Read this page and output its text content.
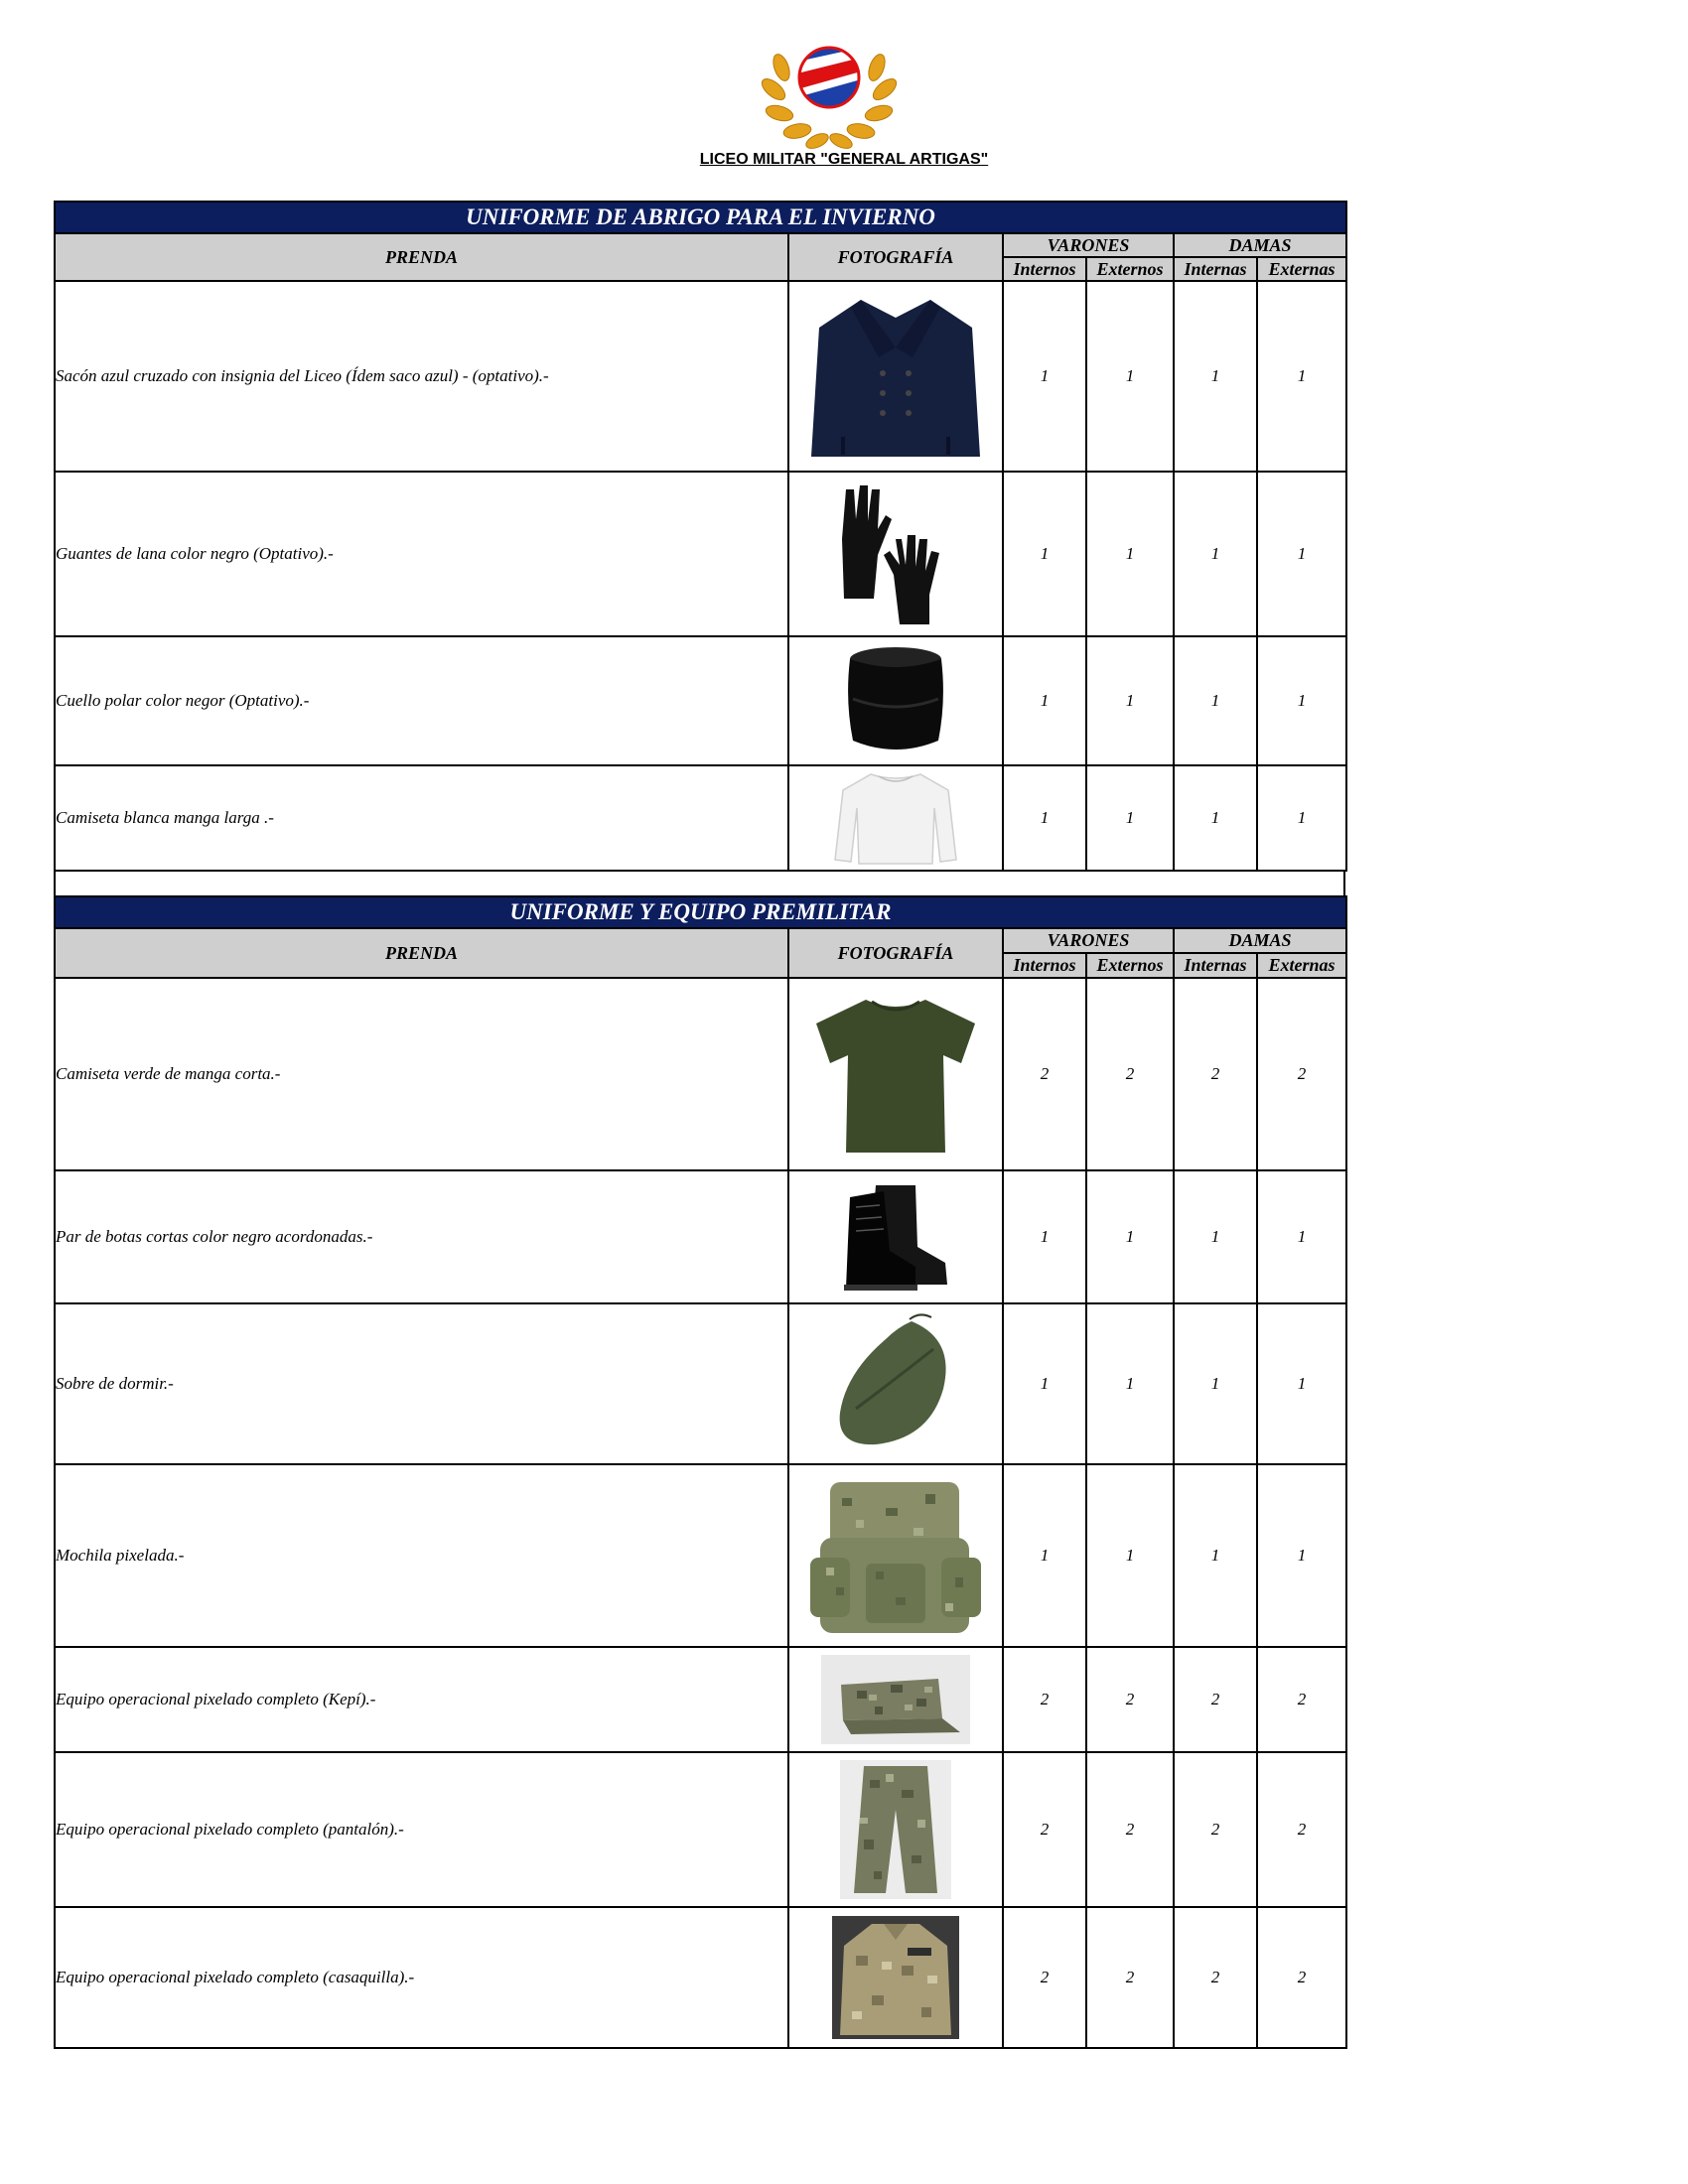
LICEO MILITAR "GENERAL ARTIGAS"
UNIFORME DE ABRIGO PARA EL INVIERNO					
PRENDA	FOTOGRAFÍA	VARONES		DAMAS	
		Internos	Externos	Internas	Externas
Sacón azul cruzado con insignia del Liceo (Ídem saco azul) - (optativo).-		1	1	1	1
Guantes de lana color negro (Optativo).-		1	1	1	1
Cuello polar color negor (Optativo).-		1	1	1	1
Camiseta blanca manga larga .-		1	1	1	1
UNIFORME Y EQUIPO PREMILITAR					
PRENDA	FOTOGRAFÍA	VARONES		DAMAS	
		Internos	Externos	Internas	Externas
Camiseta verde de manga corta.-		2	2	2	2
Par de botas cortas color negro acordonadas.-		1	1	1	1
Sobre de dormir.-		1	1	1	1
Mochila pixelada.-		1	1	1	1
Equipo operacional pixelado completo (Kepí).-		2	2	2	2
Equipo operacional pixelado completo (pantalón).-		2	2	2	2
Equipo operacional pixelado completo (casaquilla).-		2	2	2	2
